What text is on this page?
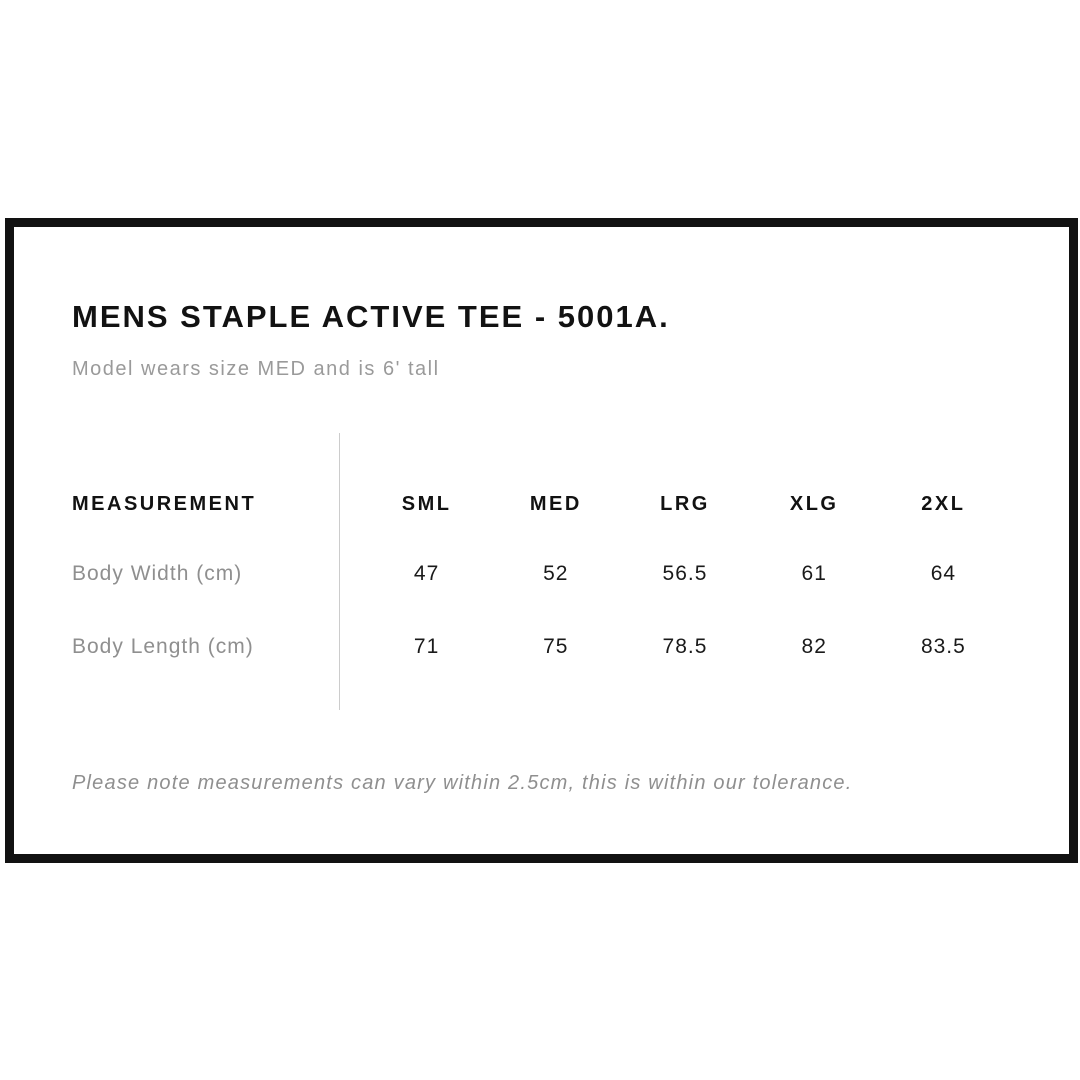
MENS STAPLE ACTIVE TEE - 5001A.

Model wears size MED and is 6' tall

MEASUREMENT	SML	MED	LRG	XLG	2XL
Body Width (cm)	47	52	56.5	61	64
Body Length (cm)	71	75	78.5	82	83.5

Please note measurements can vary within 2.5cm, this is within our tolerance.
